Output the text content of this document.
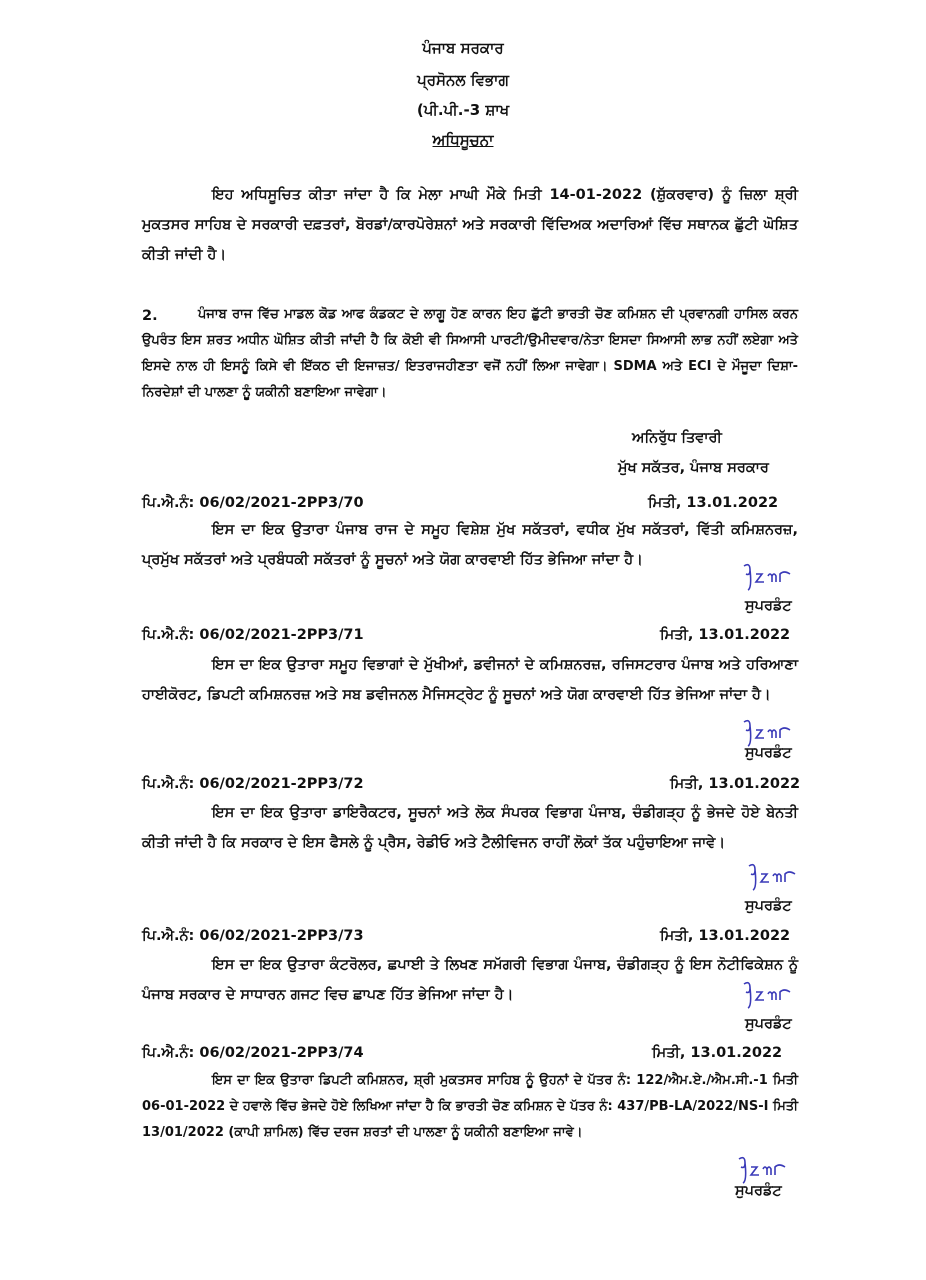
ਪੰਜਾਬ ਸਰਕਾਰ
ਪ੍ਰਸੋਨਲ ਵਿਭਾਗ
(ਪੀ.ਪੀ.-3 ਸ਼ਾਖ
ਅਧਿਸੂਚਨਾ

ਇਹ ਅਧਿਸੂਚਿਤ ਕੀਤਾ ਜਾਂਦਾ ਹੈ ਕਿ ਮੇਲਾ ਮਾਘੀ ਮੌਕੇ ਮਿਤੀ 14-01-2022 (ਸ਼ੁੱਕਰਵਾਰ) ਨੂੰ ਜ਼ਿਲਾ ਸ਼੍ਰੀ ਮੁਕਤਸਰ ਸਾਹਿਬ ਦੇ ਸਰਕਾਰੀ ਦਫ਼ਤਰਾਂ, ਬੋਰਡਾਂ/ਕਾਰਪੋਰੇਸ਼ਨਾਂ ਅਤੇ ਸਰਕਾਰੀ ਵਿੱਦਿਅਕ ਅਦਾਰਿਆਂ ਵਿੱਚ ਸਥਾਨਕ ਛੁੱਟੀ ਘੋਸ਼ਿਤ ਕੀਤੀ ਜਾਂਦੀ ਹੈ।

2.	ਪੰਜਾਬ ਰਾਜ ਵਿੱਚ ਮਾਡਲ ਕੋਡ ਆਫ ਕੰਡਕਟ ਦੇ ਲਾਗੂ ਹੋਣ ਕਾਰਨ ਇਹ ਛੁੱਟੀ ਭਾਰਤੀ ਚੋਣ ਕਮਿਸ਼ਨ ਦੀ ਪ੍ਰਵਾਨਗੀ ਹਾਸਿਲ ਕਰਨ ਉਪਰੰਤ ਇਸ ਸ਼ਰਤ ਅਧੀਨ ਘੋਸ਼ਿਤ ਕੀਤੀ ਜਾਂਦੀ ਹੈ ਕਿ ਕੋਈ ਵੀ ਸਿਆਸੀ ਪਾਰਟੀ/ਉਮੀਦਵਾਰ/ਨੇਤਾ ਇਸਦਾ ਸਿਆਸੀ ਲਾਭ ਨਹੀਂ ਲਏਗਾ ਅਤੇ ਇਸਦੇ ਨਾਲ ਹੀ ਇਸਨੂੰ ਕਿਸੇ ਵੀ ਇੱਕਠ ਦੀ ਇਜਾਜ਼ਤ/ ਇਤਰਾਜਹੀਣਤਾ ਵਜੋਂ ਨਹੀਂ ਲਿਆ ਜਾਵੇਗਾ। SDMA ਅਤੇ ECI ਦੇ ਮੌਜੂਦਾ ਦਿਸ਼ਾ-ਨਿਰਦੇਸ਼ਾਂ ਦੀ ਪਾਲਣਾ ਨੂੰ ਯਕੀਨੀ ਬਣਾਇਆ ਜਾਵੇਗਾ।

ਅਨਿਰੁੱਧ ਤਿਵਾਰੀ
ਮੁੱਖ ਸਕੱਤਰ, ਪੰਜਾਬ ਸਰਕਾਰ
ਪਿ.ਐ.ਨੰ: 06/02/2021-2PP3/70	ਮਿਤੀ, 13.01.2022

ਇਸ ਦਾ ਇਕ ਉਤਾਰਾ ਪੰਜਾਬ ਰਾਜ ਦੇ ਸਮੂਹ ਵਿਸ਼ੇਸ਼ ਮੁੱਖ ਸਕੱਤਰਾਂ, ਵਧੀਕ ਮੁੱਖ ਸਕੱਤਰਾਂ, ਵਿੱਤੀ ਕਮਿਸ਼ਨਰਜ਼, ਪ੍ਰਮੁੱਖ ਸਕੱਤਰਾਂ ਅਤੇ ਪ੍ਰਬੰਧਕੀ ਸਕੱਤਰਾਂ ਨੂੰ ਸੂਚਨਾਂ ਅਤੇ ਯੋਗ ਕਾਰਵਾਈ ਹਿੱਤ ਭੇਜਿਆ ਜਾਂਦਾ ਹੈ।

ਸੁਪਰਡੰਟ
ਪਿ.ਐ.ਨੰ: 06/02/2021-2PP3/71	ਮਿਤੀ, 13.01.2022

ਇਸ ਦਾ ਇਕ ਉਤਾਰਾ ਸਮੂਹ ਵਿਭਾਗਾਂ ਦੇ ਮੁੱਖੀਆਂ, ਡਵੀਜਨਾਂ ਦੇ ਕਮਿਸ਼ਨਰਜ਼, ਰਜਿਸਟਰਾਰ ਪੰਜਾਬ ਅਤੇ ਹਰਿਆਣਾ ਹਾਈਕੋਰਟ, ਡਿਪਟੀ ਕਮਿਸ਼ਨਰਜ਼ ਅਤੇ ਸਬ ਡਵੀਜਨਲ ਮੈਜਿਸਟ੍ਰੇਟ ਨੂੰ ਸੂਚਨਾਂ ਅਤੇ ਯੋਗ ਕਾਰਵਾਈ ਹਿੱਤ ਭੇਜਿਆ ਜਾਂਦਾ ਹੈ।

ਸੁਪਰਡੰਟ
ਪਿ.ਐ.ਨੰ: 06/02/2021-2PP3/72	ਮਿਤੀ, 13.01.2022

ਇਸ ਦਾ ਇਕ ਉਤਾਰਾ ਡਾਇਰੈਕਟਰ, ਸੂਚਨਾਂ ਅਤੇ ਲੋਕ ਸੰਪਰਕ ਵਿਭਾਗ ਪੰਜਾਬ, ਚੰਡੀਗੜ੍ਹ ਨੂੰ ਭੇਜਦੇ ਹੋਏ ਬੇਨਤੀ ਕੀਤੀ ਜਾਂਦੀ ਹੈ ਕਿ ਸਰਕਾਰ ਦੇ ਇਸ ਫੈਸਲੇ ਨੂੰ ਪ੍ਰੈਸ, ਰੇਡੀਓ ਅਤੇ ਟੈਲੀਵਿਜਨ ਰਾਹੀਂ ਲੋਕਾਂ ਤੱਕ ਪਹੁੰਚਾਇਆ ਜਾਵੇ।

ਸੁਪਰਡੰਟ
ਪਿ.ਐ.ਨੰ: 06/02/2021-2PP3/73	ਮਿਤੀ, 13.01.2022

ਇਸ ਦਾ ਇਕ ਉਤਾਰਾ ਕੰਟਰੋਲਰ, ਛਪਾਈ ਤੇ ਲਿਖਣ ਸਮੱਗਰੀ ਵਿਭਾਗ ਪੰਜਾਬ, ਚੰਡੀਗੜ੍ਹ ਨੂੰ ਇਸ ਨੋਟੀਫਿਕੇਸ਼ਨ ਨੂੰ ਪੰਜਾਬ ਸਰਕਾਰ ਦੇ ਸਾਧਾਰਨ ਗਜਟ ਵਿਚ ਛਾਪਣ ਹਿੱਤ ਭੇਜਿਆ ਜਾਂਦਾ ਹੈ।

ਸੁਪਰਡੰਟ
ਪਿ.ਐ.ਨੰ: 06/02/2021-2PP3/74	ਮਿਤੀ, 13.01.2022

ਇਸ ਦਾ ਇਕ ਉਤਾਰਾ ਡਿਪਟੀ ਕਮਿਸ਼ਨਰ, ਸ਼੍ਰੀ ਮੁਕਤਸਰ ਸਾਹਿਬ ਨੂੰ ਉਹਨਾਂ ਦੇ ਪੱਤਰ ਨੰ: 122/ਐਮ.ਏ./ਐਮ.ਸੀ.-1 ਮਿਤੀ 06-01-2022 ਦੇ ਹਵਾਲੇ ਵਿੱਚ ਭੇਜਦੇ ਹੋਏ ਲਿਖਿਆ ਜਾਂਦਾ ਹੈ ਕਿ ਭਾਰਤੀ ਚੋਣ ਕਮਿਸ਼ਨ ਦੇ ਪੱਤਰ ਨੰ: 437/PB-LA/2022/NS-I ਮਿਤੀ 13/01/2022 (ਕਾਪੀ ਸ਼ਾਮਿਲ) ਵਿੱਚ ਦਰਜ ਸ਼ਰਤਾਂ ਦੀ ਪਾਲਣਾ ਨੂੰ ਯਕੀਨੀ ਬਣਾਇਆ ਜਾਵੇ।

ਸੁਪਰਡੰਟ
